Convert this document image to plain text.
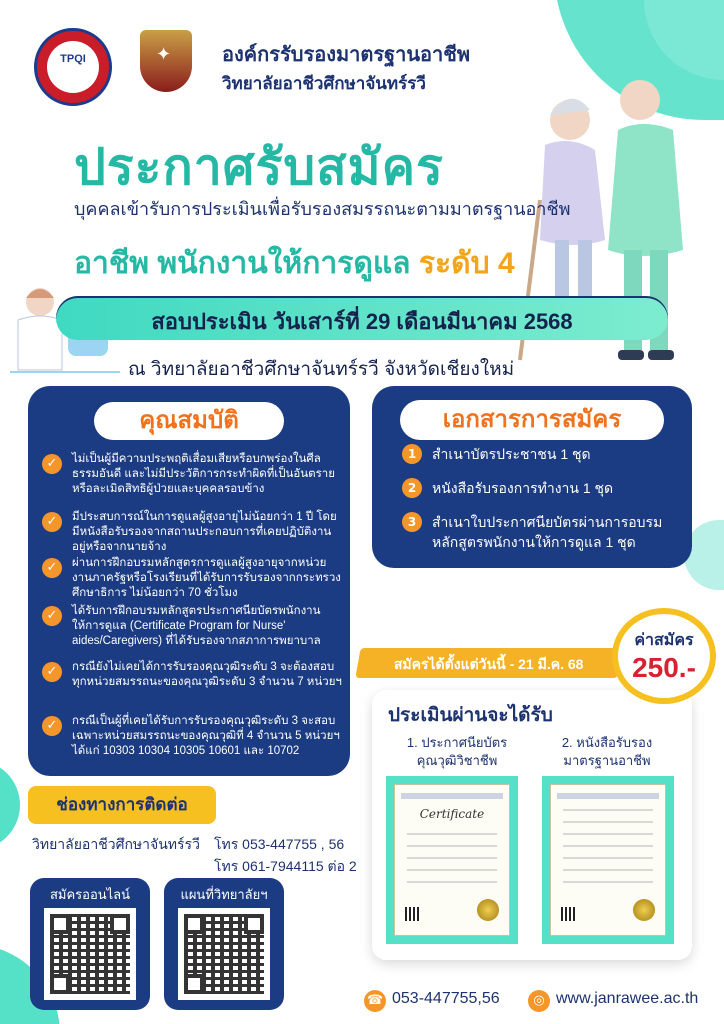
TPQI	✦	องค์กรรับรองมาตรฐานอาชีพ
วิทยาลัยอาชีวศึกษาจันทร์รวี
ประกาศรับสมัคร
บุคคลเข้ารับการประเมินเพื่อรับรองสมรรถนะตามมาตรฐานอาชีพ
อาชีพ พนักงานให้การดูแล ระดับ 4
สอบประเมิน วันเสาร์ที่ 29 เดือนมีนาคม 2568
ณ วิทยาลัยอาชีวศึกษาจันทร์รวี จังหวัดเชียงใหม่
คุณสมบัติ
✓	ไม่เป็นผู้มีความประพฤติเสื่อมเสียหรือบกพร่องในศีลธรรมอันดี และไม่มีประวัติการกระทำผิดที่เป็นอันตรายหรือละเมิดสิทธิผู้ป่วยและบุคคลรอบข้าง
✓	มีประสบการณ์ในการดูแลผู้สูงอายุไม่น้อยกว่า 1 ปี โดยมีหนังสือรับรองจากสถานประกอบการที่เคยปฏิบัติงานอยู่หรือจากนายจ้าง
✓	ผ่านการฝึกอบรมหลักสูตรการดูแลผู้สูงอายุจากหน่วยงานภาครัฐหรือโรงเรียนที่ได้รับการรับรองจากกระทรวงศึกษาธิการ ไม่น้อยกว่า 70 ชั่วโมง
✓	ได้รับการฝึกอบรมหลักสูตรประกาศนียบัตรพนักงานให้การดูแล (Certificate Program for Nurse' aides/Caregivers) ที่ได้รับรองจากสภาการพยาบาล
✓	กรณียังไม่เคยได้การรับรองคุณวุฒิระดับ 3 จะต้องสอบทุกหน่วยสมรรถนะของคุณวุฒิระดับ 3 จำนวน 7 หน่วยฯ
✓	กรณีเป็นผู้ที่เคยได้รับการรับรองคุณวุฒิระดับ 3 จะสอบเฉพาะหน่วยสมรรถนะของคุณวุฒิที่ 4 จำนวน 5 หน่วยฯ ได้แก่ 10303 10304 10305 10601 และ 10702
เอกสารการสมัคร
1	สำเนาบัตรประชาชน 1 ชุด
2	หนังสือรับรองการทำงาน 1 ชุด
3	สำเนาใบประกาศนียบัตรผ่านการอบรมหลักสูตรพนักงานให้การดูแล 1 ชุด
ประเมินผ่านจะได้รับ
1. ประกาศนียบัตร
คุณวุฒิวิชาชีพ
2. หนังสือรับรอง
มาตรฐานอาชีพ
Certificate
สมัครได้ตั้งแต่วันนี้ - 21 มี.ค. 68
ค่าสมัคร
250.-
ช่องทางการติดต่อ
วิทยาลัยอาชีวศึกษาจันทร์รวี โทร 053-447755 , 56
โทร 061-7944115 ต่อ 2
สมัครออนไลน์	แผนที่วิทยาลัยฯ
☎ 053-447755,56	◎ www.janrawee.ac.th
